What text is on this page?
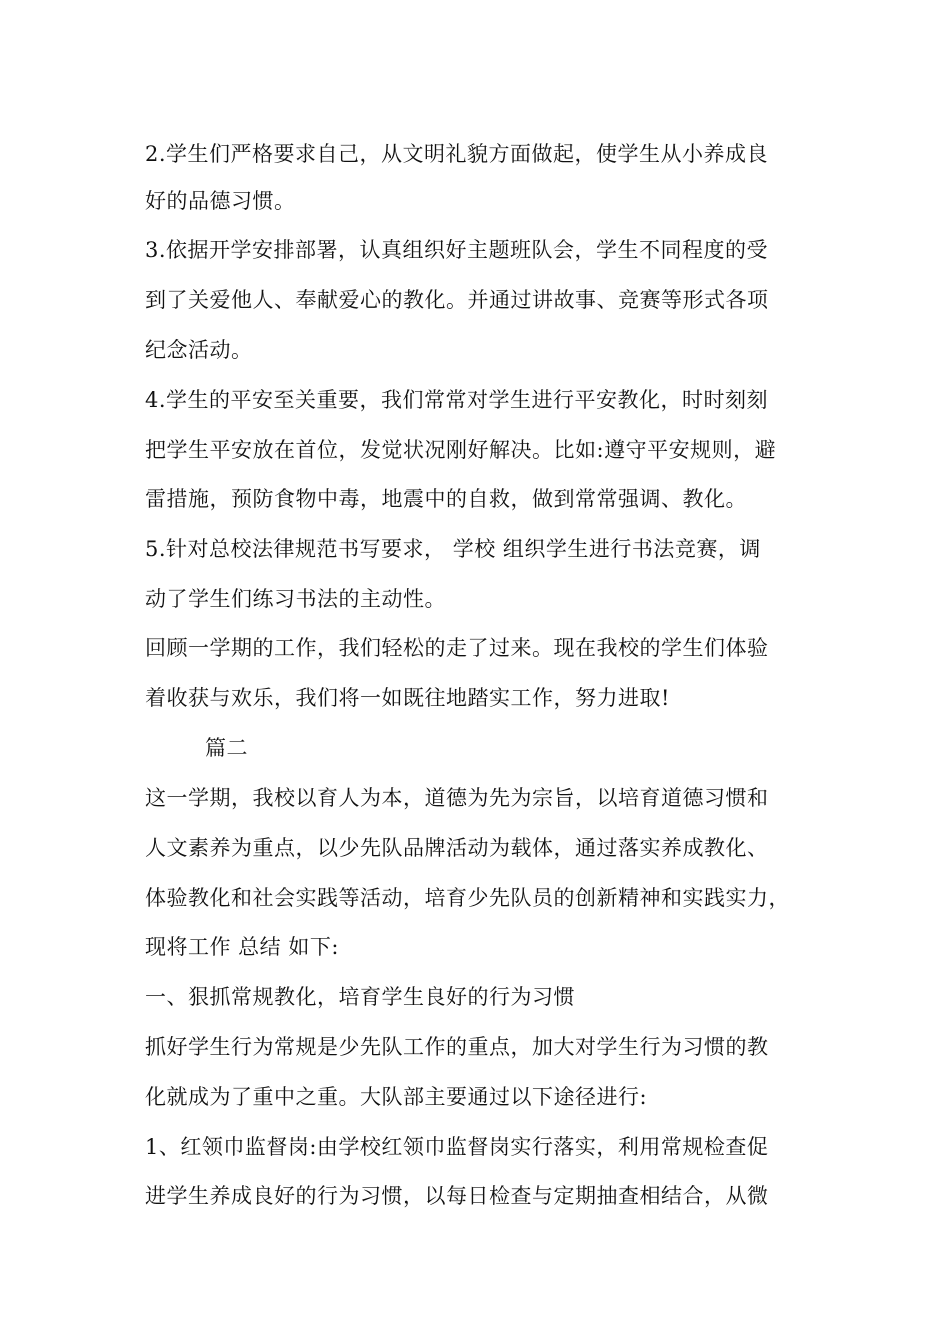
2.学生们严格要求自己，从文明礼貌方面做起，使学生从小养成良
好的品德习惯。
3.依据开学安排部署，认真组织好主题班队会，学生不同程度的受
到了关爱他人、奉献爱心的教化。并通过讲故事、竞赛等形式各项
纪念活动。
4.学生的平安至关重要，我们常常对学生进行平安教化，时时刻刻
把学生平安放在首位，发觉状况刚好解决。比如:遵守平安规则，避
雷措施，预防食物中毒，地震中的自救，做到常常强调、教化。
5.针对总校法律规范书写要求， 学校 组织学生进行书法竞赛，调
动了学生们练习书法的主动性。
回顾一学期的工作，我们轻松的走了过来。现在我校的学生们体验
着收获与欢乐，我们将一如既往地踏实工作，努力进取!
篇二
这一学期，我校以育人为本，道德为先为宗旨，以培育道德习惯和
人文素养为重点，以少先队品牌活动为载体，通过落实养成教化、
体验教化和社会实践等活动，培育少先队员的创新精神和实践实力，
现将工作 总结 如下:
一、狠抓常规教化，培育学生良好的行为习惯
抓好学生行为常规是少先队工作的重点，加大对学生行为习惯的教
化就成为了重中之重。大队部主要通过以下途径进行:
1、红领巾监督岗:由学校红领巾监督岗实行落实，利用常规检查促
进学生养成良好的行为习惯，以每日检查与定期抽查相结合，从微
